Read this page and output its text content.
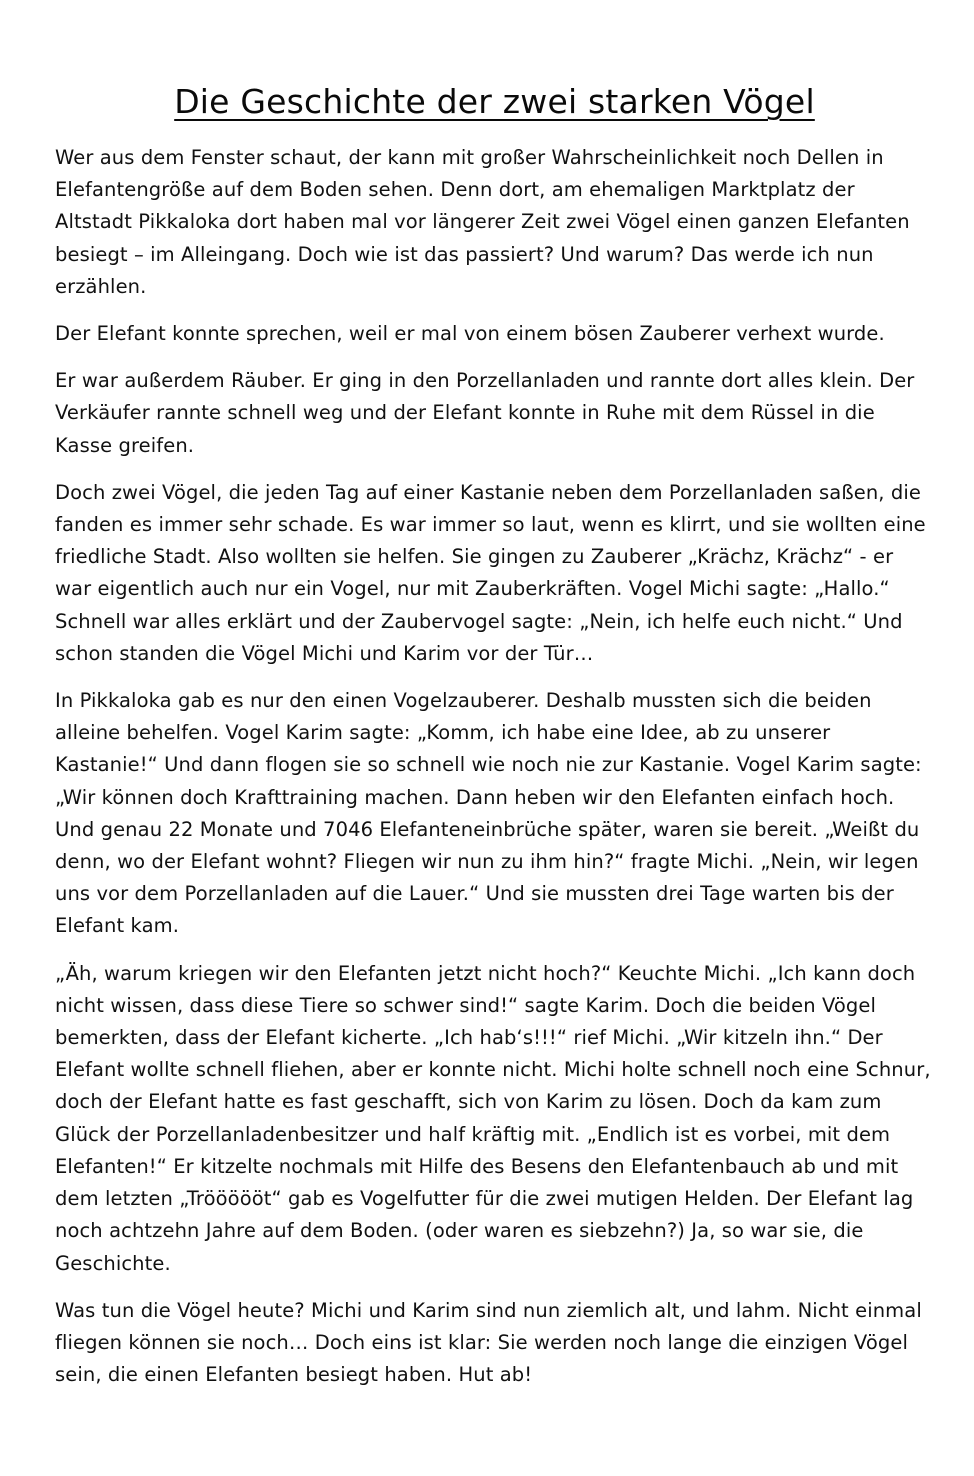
Die Geschichte der zwei starken Vögel

Wer aus dem Fenster schaut, der kann mit großer Wahrscheinlichkeit noch Dellen in Elefantengröße auf dem Boden sehen. Denn dort, am ehemaligen Marktplatz der Altstadt Pikkaloka dort haben mal vor längerer Zeit zwei Vögel einen ganzen Elefanten besiegt – im Alleingang. Doch wie ist das passiert? Und warum? Das werde ich nun erzählen.

Der Elefant konnte sprechen, weil er mal von einem bösen Zauberer verhext wurde.

Er war außerdem Räuber. Er ging in den Porzellanladen und rannte dort alles klein. Der Verkäufer rannte schnell weg und der Elefant konnte in Ruhe mit dem Rüssel in die Kasse greifen.

Doch zwei Vögel, die jeden Tag auf einer Kastanie neben dem Porzellanladen saßen, die fanden es immer sehr schade. Es war immer so laut, wenn es klirrt, und sie wollten eine friedliche Stadt. Also wollten sie helfen. Sie gingen zu Zauberer „Krächz, Krächz“ - er war eigentlich auch nur ein Vogel, nur mit Zauberkräften. Vogel Michi sagte: „Hallo.“ Schnell war alles erklärt und der Zaubervogel sagte: „Nein, ich helfe euch nicht.“ Und schon standen die Vögel Michi und Karim vor der Tür…

In Pikkaloka gab es nur den einen Vogelzauberer. Deshalb mussten sich die beiden alleine behelfen. Vogel Karim sagte: „Komm, ich habe eine Idee, ab zu unserer Kastanie!“ Und dann flogen sie so schnell wie noch nie zur Kastanie. Vogel Karim sagte: „Wir können doch Krafttraining machen. Dann heben wir den Elefanten einfach hoch. Und genau 22 Monate und 7046 Elefanteneinbrüche später, waren sie bereit. „Weißt du denn, wo der Elefant wohnt? Fliegen wir nun zu ihm hin?“ fragte Michi. „Nein, wir legen uns vor dem Porzellanladen auf die Lauer.“ Und sie mussten drei Tage warten bis der Elefant kam.

„Äh, warum kriegen wir den Elefanten jetzt nicht hoch?“ Keuchte Michi. „Ich kann doch nicht wissen, dass diese Tiere so schwer sind!“ sagte Karim. Doch die beiden Vögel bemerkten, dass der Elefant kicherte. „Ich hab‘s!!!“ rief Michi. „Wir kitzeln ihn.“ Der Elefant wollte schnell fliehen, aber er konnte nicht. Michi holte schnell noch eine Schnur, doch der Elefant hatte es fast geschafft, sich von Karim zu lösen. Doch da kam zum Glück der Porzellanladenbesitzer und half kräftig mit. „Endlich ist es vorbei, mit dem Elefanten!“ Er kitzelte nochmals mit Hilfe des Besens den Elefantenbauch ab und mit dem letzten „Tröööööt“ gab es Vogelfutter für die zwei mutigen Helden. Der Elefant lag noch achtzehn Jahre auf dem Boden. (oder waren es siebzehn?) Ja, so war sie, die Geschichte.

Was tun die Vögel heute? Michi und Karim sind nun ziemlich alt, und lahm. Nicht einmal fliegen können sie noch… Doch eins ist klar: Sie werden noch lange die einzigen Vögel sein, die einen Elefanten besiegt haben. Hut ab!
